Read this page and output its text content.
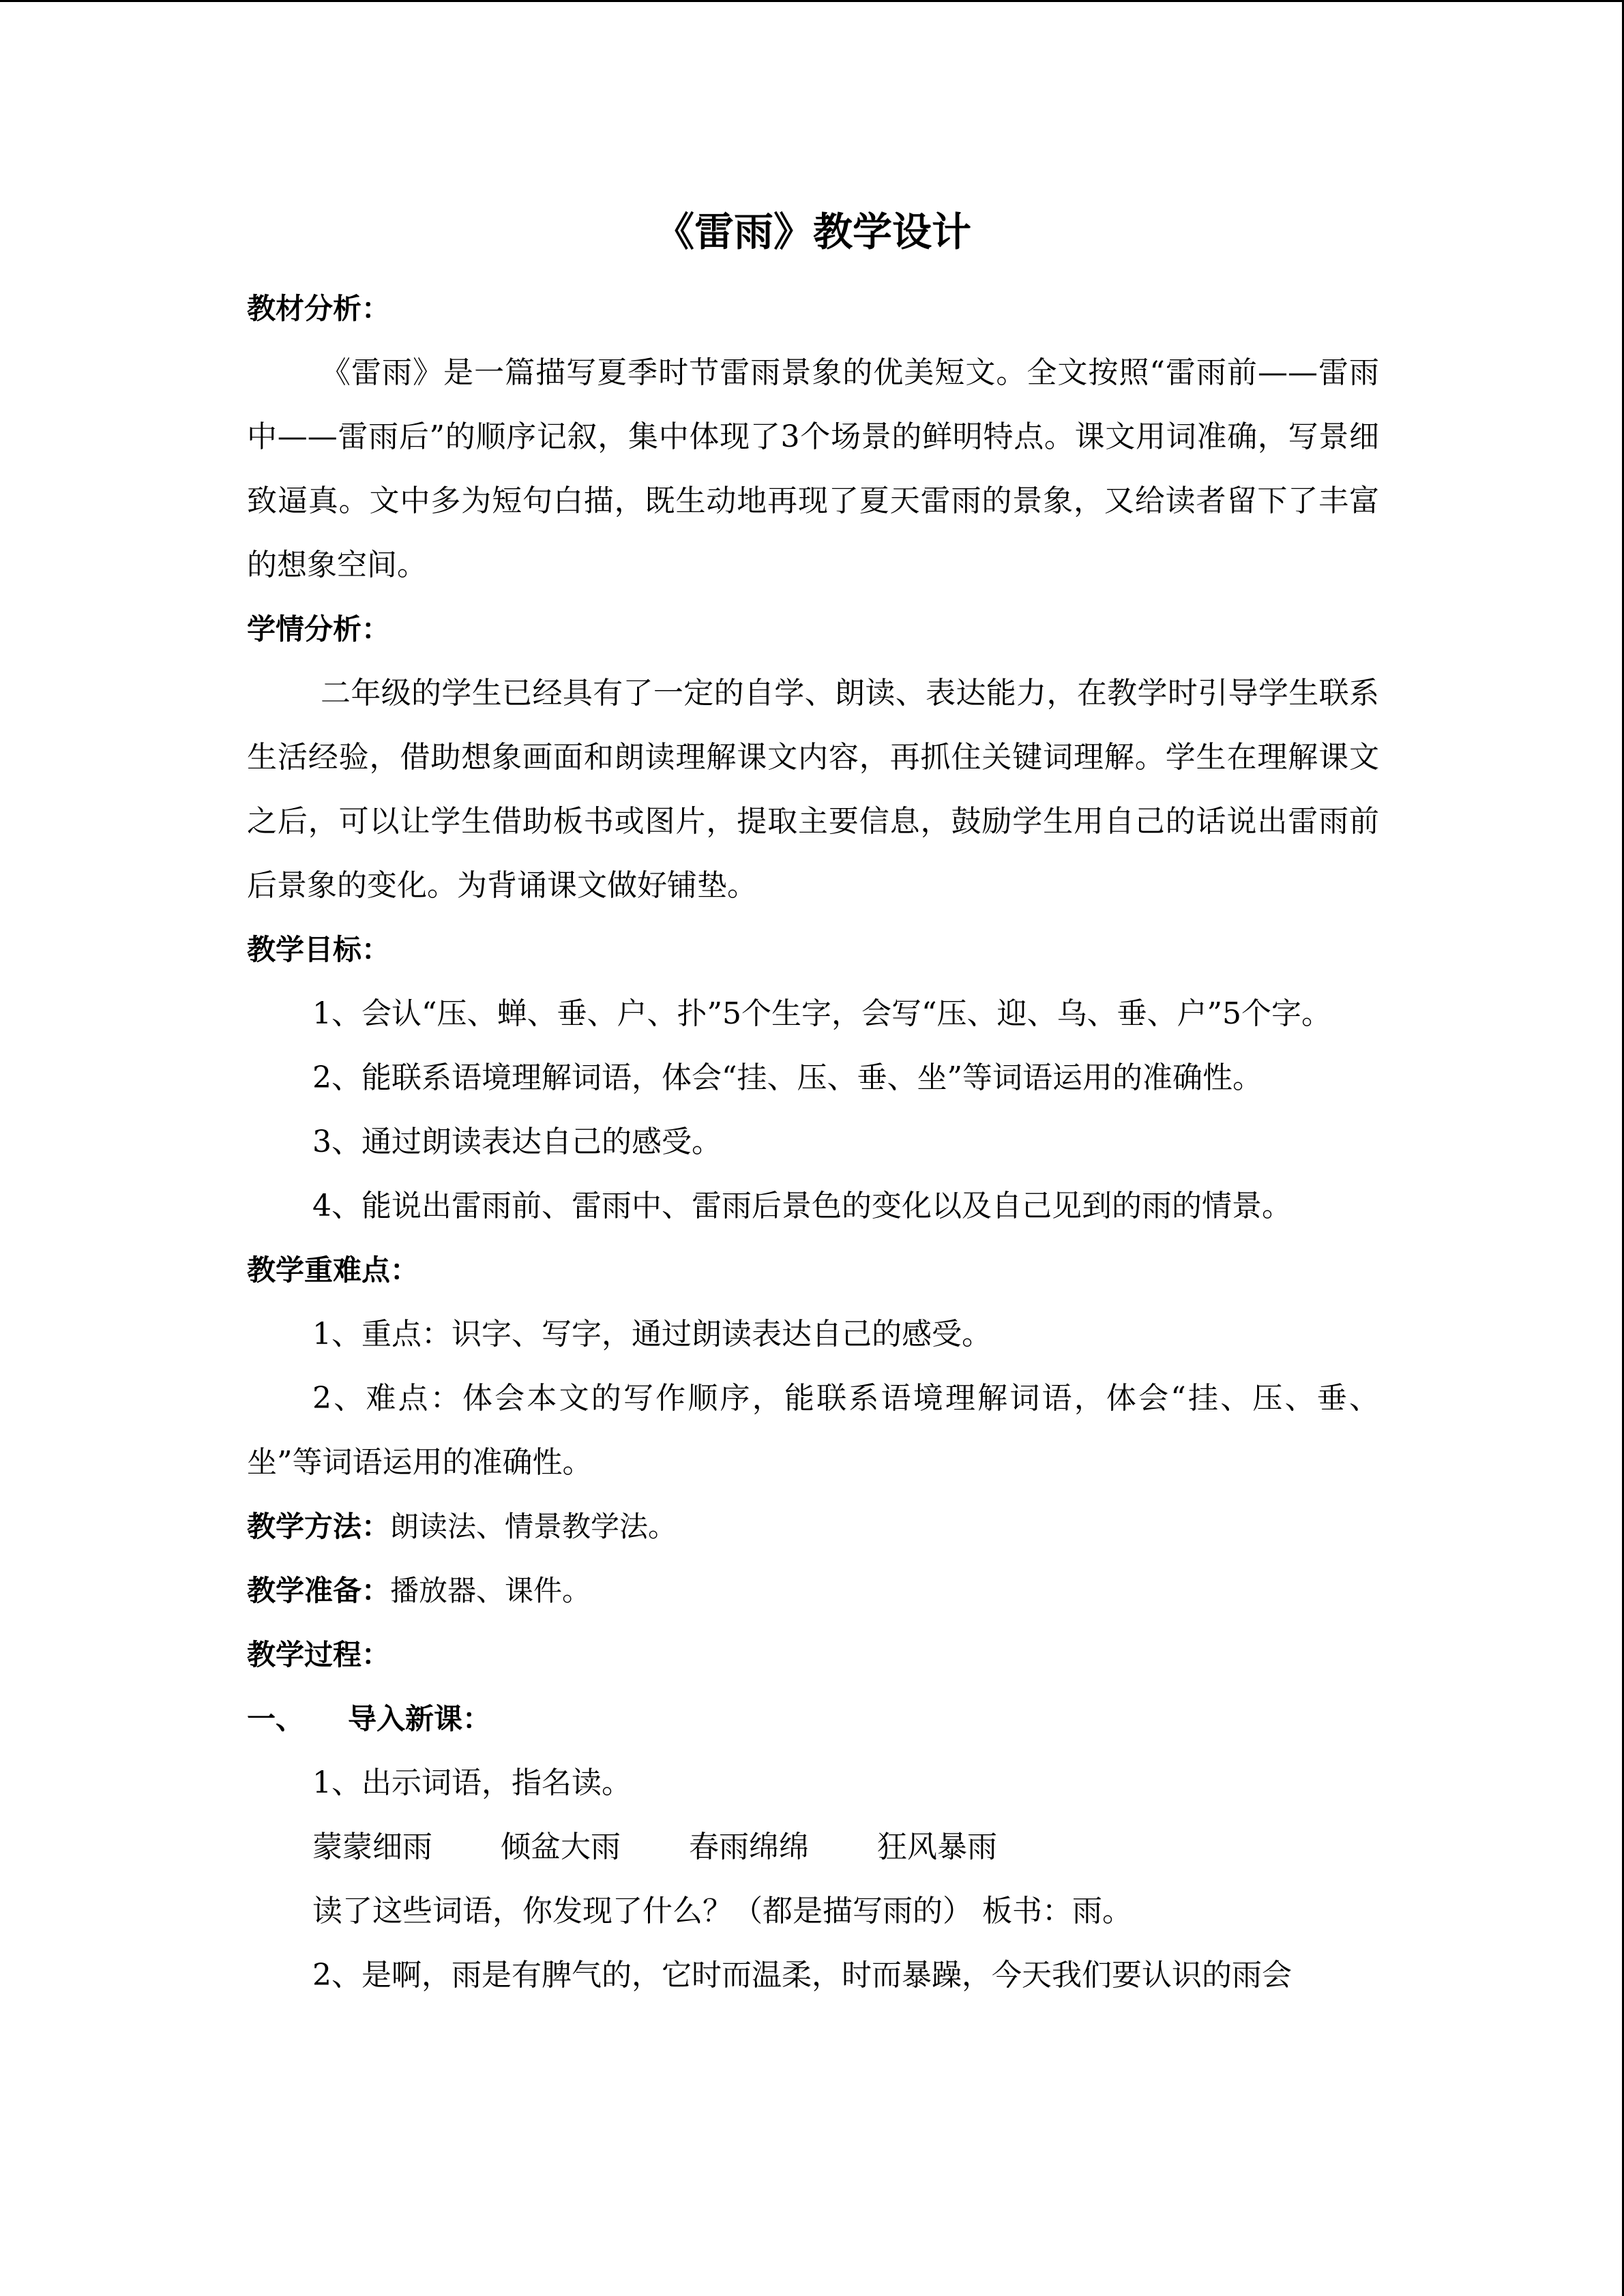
《雷雨》教学设计
教材分析：

《雷雨》是一篇描写夏季时节雷雨景象的优美短文。全文按照“雷雨前——雷雨中——雷雨后”的顺序记叙，集中体现了3个场景的鲜明特点。课文用词准确，写景细致逼真。文中多为短句白描，既生动地再现了夏天雷雨的景象，又给读者留下了丰富的想象空间。

学情分析：

二年级的学生已经具有了一定的自学、朗读、表达能力，在教学时引导学生联系生活经验，借助想象画面和朗读理解课文内容，再抓住关键词理解。学生在理解课文之后，可以让学生借助板书或图片，提取主要信息，鼓励学生用自己的话说出雷雨前后景象的变化。为背诵课文做好铺垫。

教学目标：

1、会认“压、蝉、垂、户、扑”5个生字，会写“压、迎、乌、垂、户”5个字。

2、能联系语境理解词语，体会“挂、压、垂、坐”等词语运用的准确性。

3、通过朗读表达自己的感受。

4、能说出雷雨前、雷雨中、雷雨后景色的变化以及自己见到的雨的情景。

教学重难点：

1、重点：识字、写字，通过朗读表达自己的感受。

2、难点：体会本文的写作顺序，能联系语境理解词语，体会“挂、压、垂、坐”等词语运用的准确性。

教学方法：朗读法、情景教学法。
教学准备：播放器、课件。
教学过程：
一、 导入新课：
1、出示词语，指名读。
蒙蒙细雨 倾盆大雨 春雨绵绵 狂风暴雨
读了这些词语，你发现了什么？（都是描写雨的） 板书：雨。
2、是啊，雨是有脾气的，它时而温柔，时而暴躁，今天我们要认识的雨会
